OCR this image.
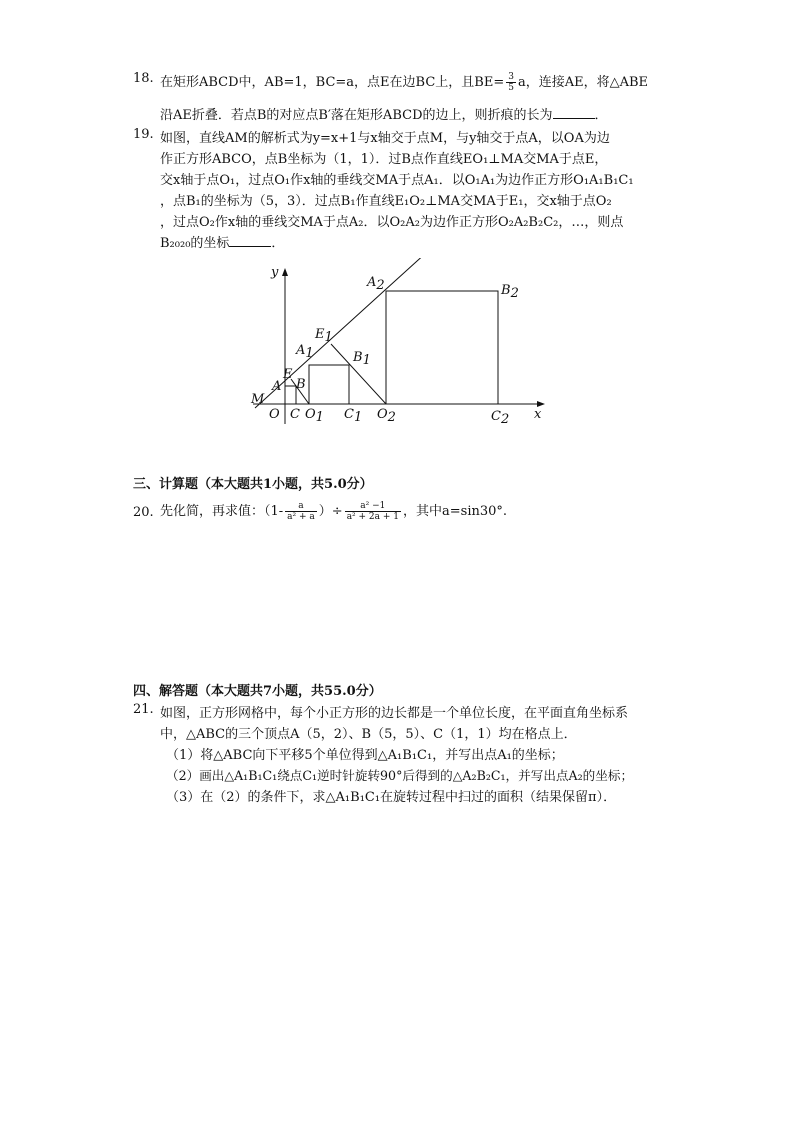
18. 在矩形ABCD中，AB=1，BC=a，点E在边BC上，且$BE= \frac{3}{5}$ a，连接AE，将△ABE
沿AE折叠．若点B的对应点B′落在矩形ABCD的边上，则折痕的长为	．
19. 如图，直线AM的解析式为y=x+1与x轴交于点M，与y轴交于点A，以OA为边
作正方形ABCO，点B坐标为（1，1）．过B点作直线EO₁⊥MA交MA于点E，
交x轴于点O₁，过点O₁作x轴的垂线交MA于点A₁．以O₁A₁为边作正方形O₁A₁B₁C₁
，点B₁的坐标为（5，3）．过点B₁作直线E₁O₂⊥MA交MA于E₁，交x轴于点O₂
，过点O₂作x轴的垂线交MA于点A₂．以O₂A₂为边作正方形O₂A₂B₂C₂，…，则点
B₂₀₂₀的坐标	．
y
x
M
O
A
E
B
C O1 C1
A1
E1
B1
O2	C2
A2	B2
三、计算题（本大题共1小题，共5.0分）
20. 先化简，再求值：（$1- \frac{a}{\text{a² + a}}$ ）÷ $\frac{\text{a² −1}}{\text{a² + 2a + 1}}$ ，其中a=sin30°.
四、解答题（本大题共7小题，共55.0分）
21. 如图，正方形网格中，每个小正方形的边长都是一个单位长度，在平面直角坐标系
中，△ABC的三个顶点A（5，2）、B（5，5）、C（1，1）均在格点上．
（1）将△ABC向下平移5个单位得到△A₁B₁C₁，并写出点A₁的坐标；
（2）画出△A₁B₁C₁绕点C₁逆时针旋转90°后得到的△A₂B₂C₁，并写出点A₂的坐标；
（3）在（2）的条件下，求△A₁B₁C₁在旋转过程中扫过的面积（结果保留π）．
